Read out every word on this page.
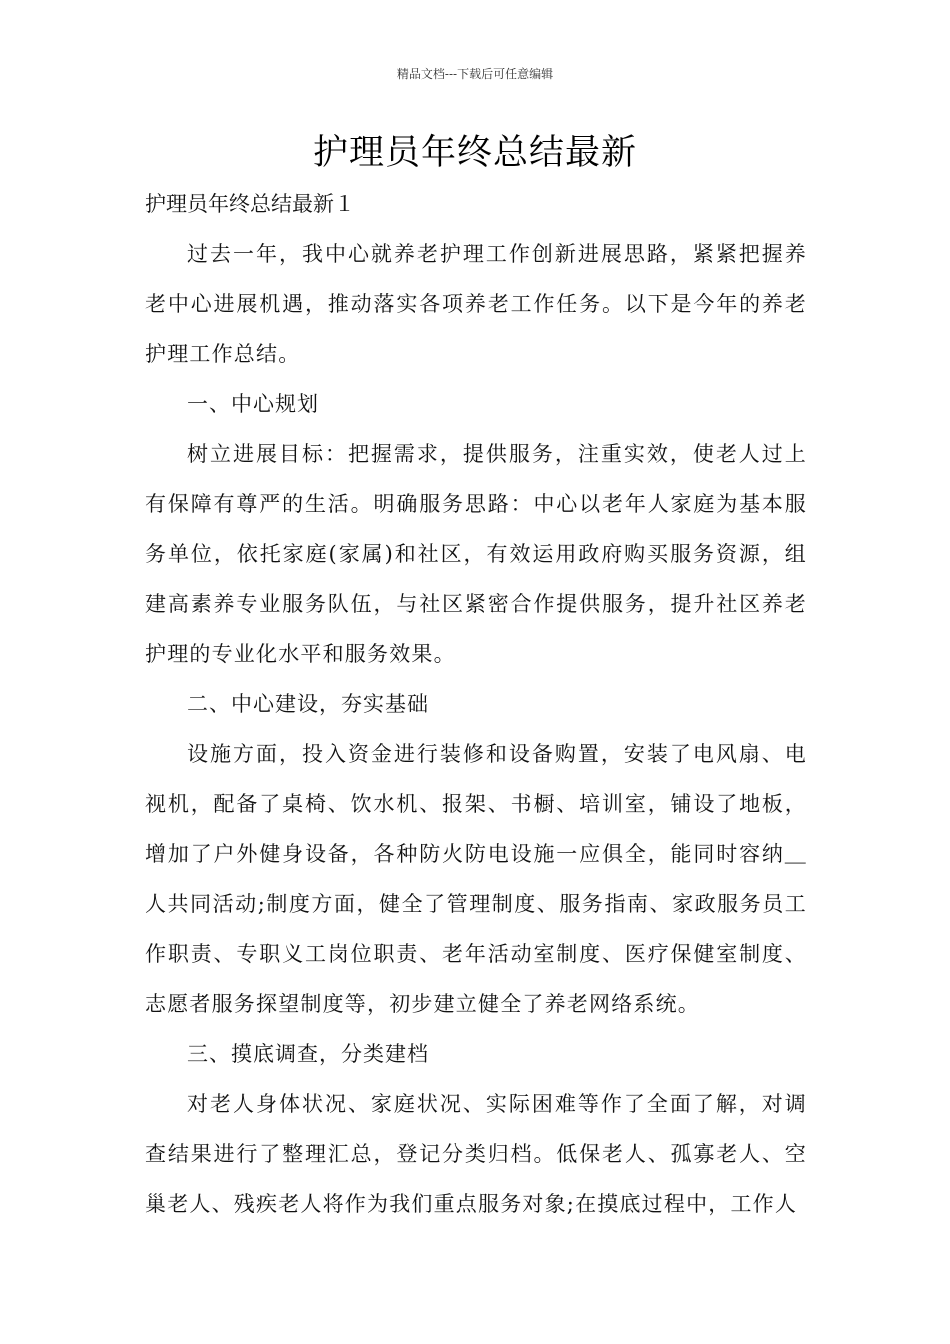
精品文档---下载后可任意编辑
护理员年终总结最新

护理员年终总结最新１

过去一年，我中心就养老护理工作创新进展思路，紧紧把握养老中心进展机遇，推动落实各项养老工作任务。以下是今年的养老护理工作总结。

一、中心规划

树立进展目标：把握需求，提供服务，注重实效，使老人过上有保障有尊严的生活。明确服务思路：中心以老年人家庭为基本服务单位，依托家庭(家属)和社区，有效运用政府购买服务资源，组建高素养专业服务队伍，与社区紧密合作提供服务，提升社区养老护理的专业化水平和服务效果。

二、中心建设，夯实基础

设施方面，投入资金进行装修和设备购置，安装了电风扇、电视机，配备了桌椅、饮水机、报架、书橱、培训室，铺设了地板，增加了户外健身设备，各种防火防电设施一应俱全，能同时容纳＿人共同活动;制度方面，健全了管理制度、服务指南、家政服务员工作职责、专职义工岗位职责、老年活动室制度、医疗保健室制度、志愿者服务探望制度等，初步建立健全了养老网络系统。

三、摸底调查，分类建档

对老人身体状况、家庭状况、实际困难等作了全面了解，对调查结果进行了整理汇总，登记分类归档。低保老人、孤寡老人、空巢老人、残疾老人将作为我们重点服务对象;在摸底过程中，工作人
